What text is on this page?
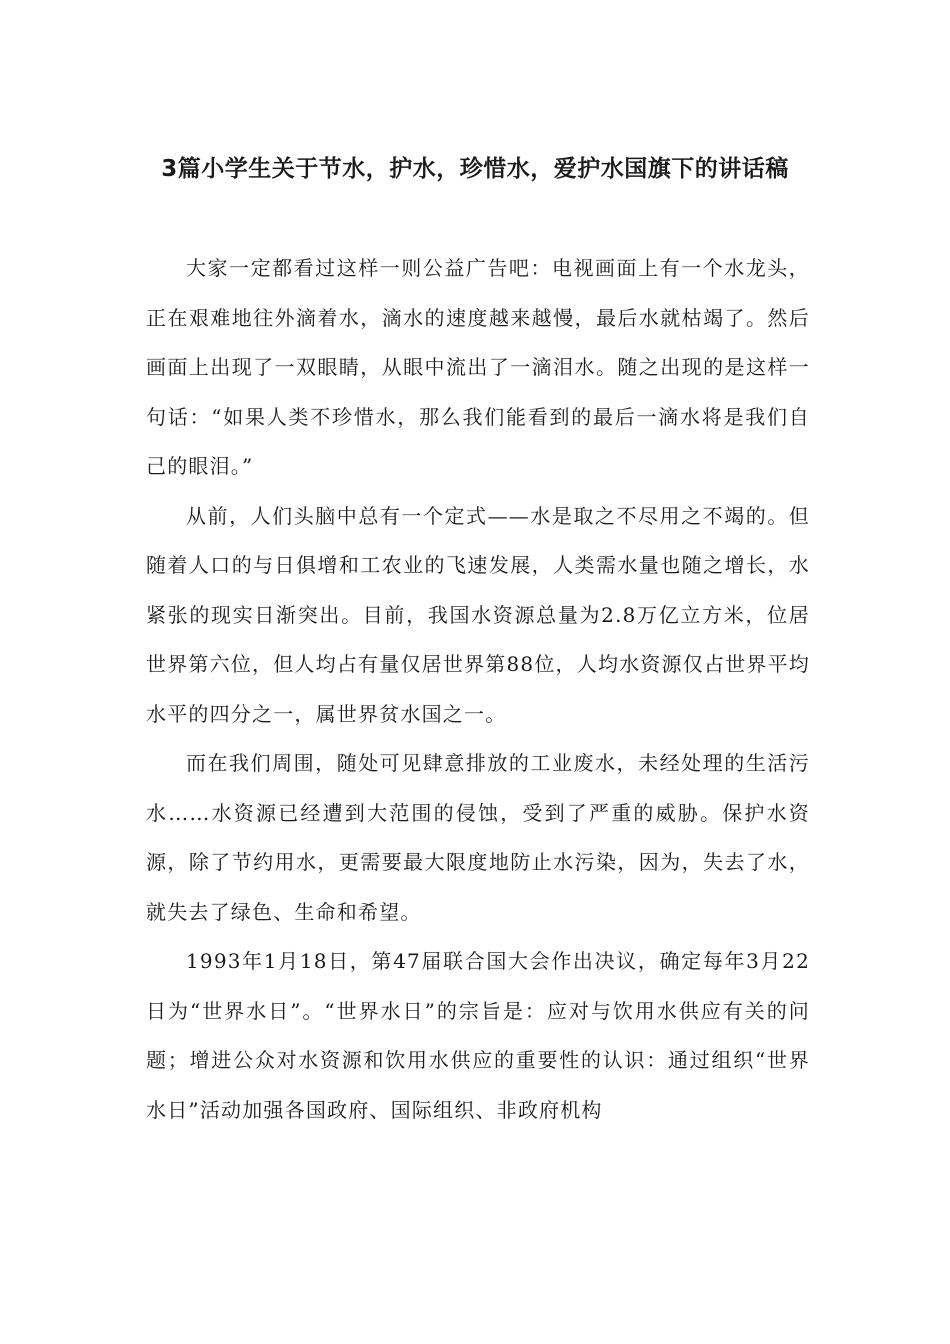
3篇小学生关于节水，护水，珍惜水，爱护水国旗下的讲话稿

大家一定都看过这样一则公益广告吧：电视画面上有一个水龙头，正在艰难地往外滴着水，滴水的速度越来越慢，最后水就枯竭了。然后画面上出现了一双眼睛，从眼中流出了一滴泪水。随之出现的是这样一句话：“如果人类不珍惜水，那么我们能看到的最后一滴水将是我们自己的眼泪。”

从前，人们头脑中总有一个定式——水是取之不尽用之不竭的。但随着人口的与日俱增和工农业的飞速发展，人类需水量也随之增长，水紧张的现实日渐突出。目前，我国水资源总量为2.8万亿立方米，位居世界第六位，但人均占有量仅居世界第88位，人均水资源仅占世界平均水平的四分之一，属世界贫水国之一。

而在我们周围，随处可见肆意排放的工业废水，未经处理的生活污水……水资源已经遭到大范围的侵蚀，受到了严重的威胁。保护水资源，除了节约用水，更需要最大限度地防止水污染，因为，失去了水，就失去了绿色、生命和希望。

1993年1月18日，第47届联合国大会作出决议，确定每年3月22日为“世界水日”。“世界水日”的宗旨是：应对与饮用水供应有关的问题；增进公众对水资源和饮用水供应的重要性的认识：通过组织“世界水日”活动加强各国政府、国际组织、非政府机构
